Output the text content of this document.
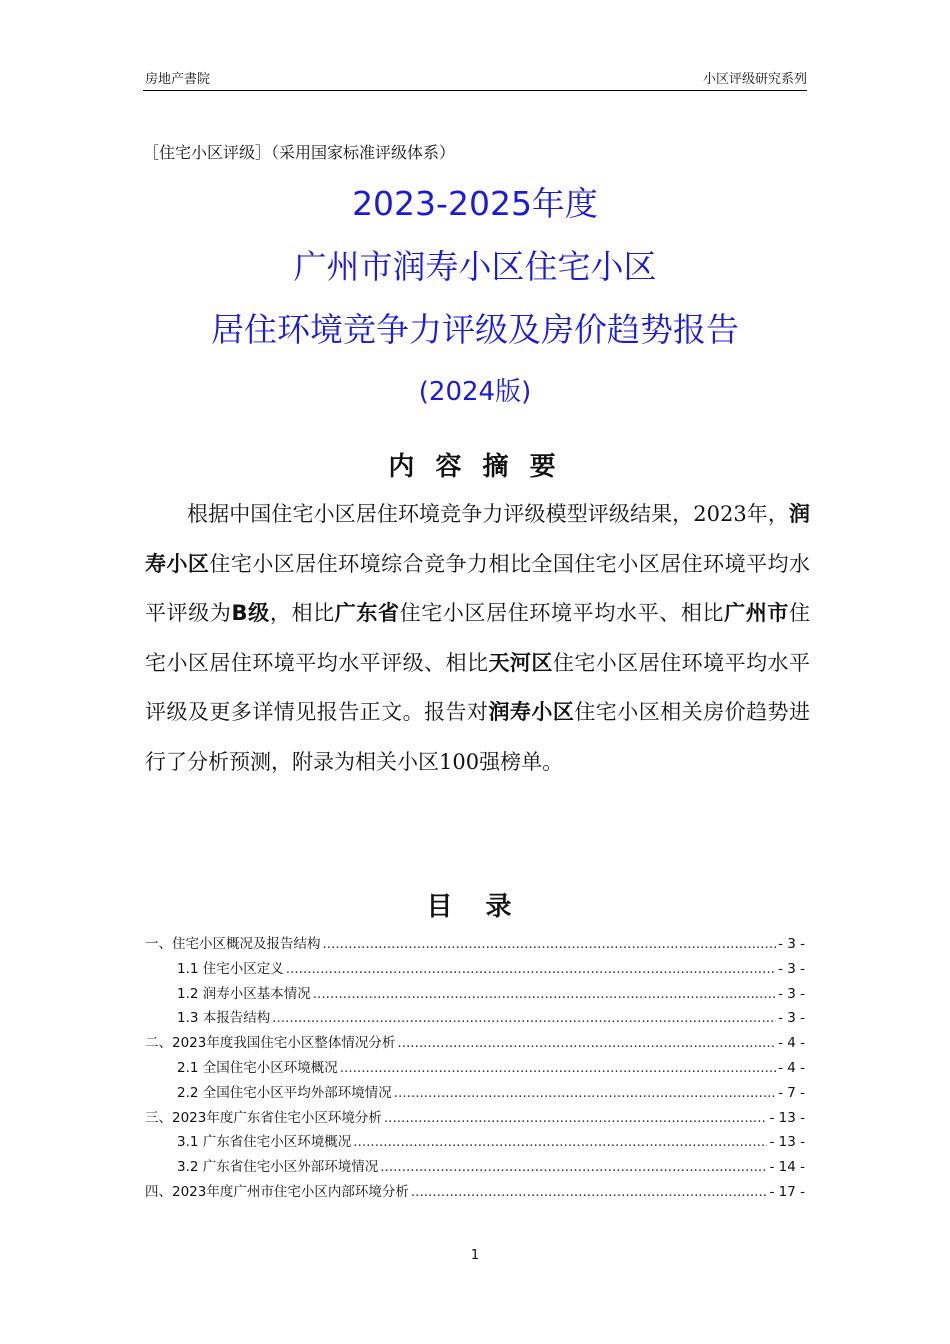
房地产書院	小区评级研究系列
［住宅小区评级］（采用国家标准评级体系）
2023-2025年度
广州市润寿小区住宅小区
居住环境竞争力评级及房价趋势报告
(2024版)
内 容 摘 要
根据中国住宅小区居住环境竞争力评级模型评级结果，2023年，润寿小区住宅小区居住环境综合竞争力相比全国住宅小区居住环境平均水平评级为B级，相比广东省住宅小区居住环境平均水平、相比广州市住宅小区居住环境平均水平评级、相比天河区住宅小区居住环境平均水平评级及更多详情见报告正文。报告对润寿小区住宅小区相关房价趋势进行了分析预测，附录为相关小区100强榜单。
目 录
一、住宅小区概况及报告结构 .....	- 3 -
1.1 住宅小区定义 .....	- 3 -
1.2 润寿小区基本情况 .....	- 3 -
1.3 本报告结构 .....	- 3 -
二、2023年度我国住宅小区整体情况分析 .....	- 4 -
2.1 全国住宅小区环境概况 .....	- 4 -
2.2 全国住宅小区平均外部环境情况 .....	- 7 -
三、2023年度广东省住宅小区环境分析 .....	- 13 -
3.1 广东省住宅小区环境概况 .....	- 13 -
3.2 广东省住宅小区外部环境情况 .....	- 14 -
四、2023年度广州市住宅小区内部环境分析 .....	- 17 -
1
